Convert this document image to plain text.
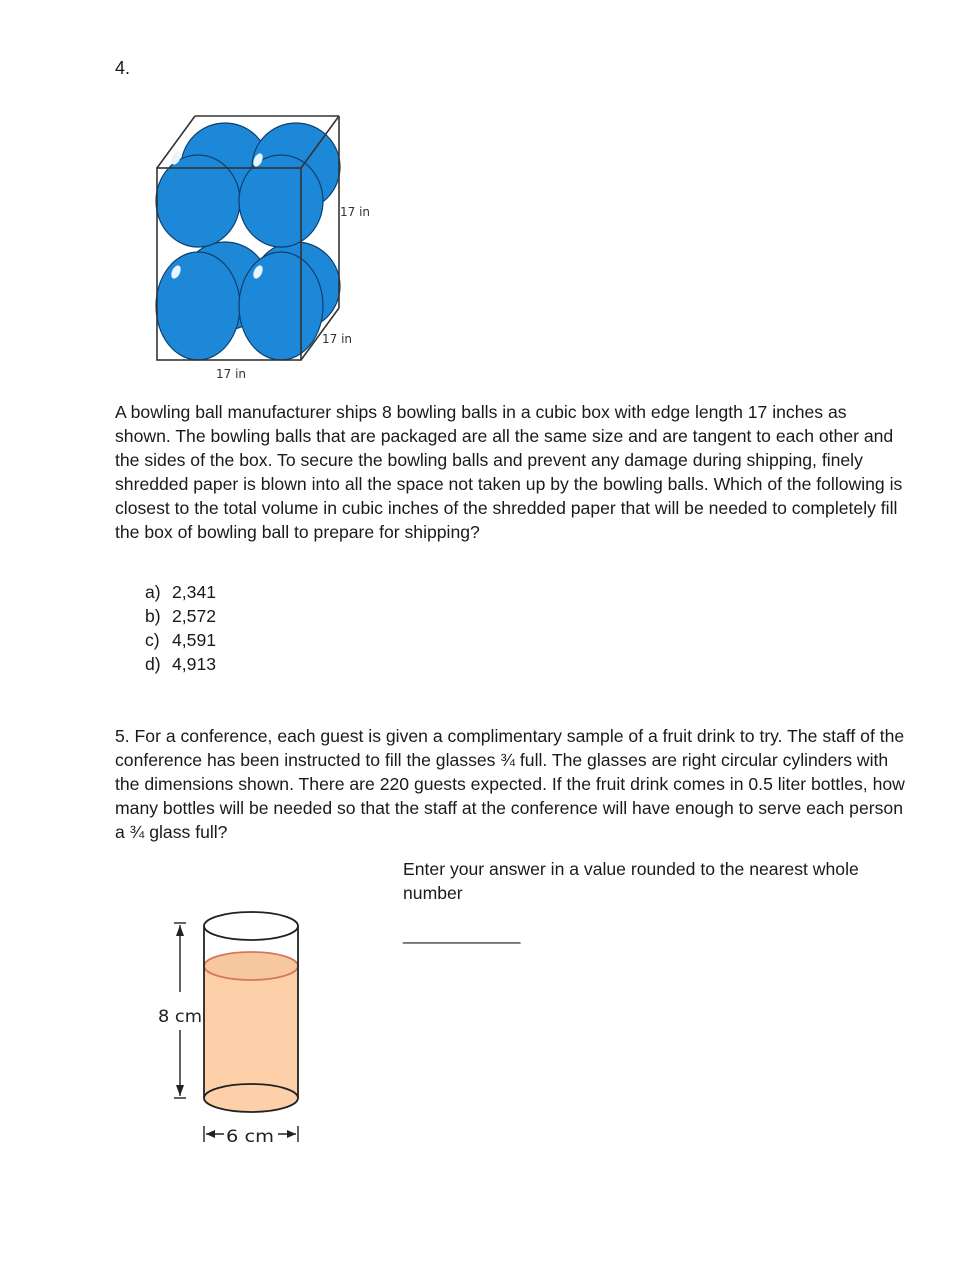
4.
17 in
17 in
17 in
A bowling ball manufacturer ships 8 bowling balls in a cubic box with edge length 17 inches as shown. The bowling balls that are packaged are all the same size and are tangent to each other and the sides of the box. To secure the bowling balls and prevent any damage during shipping, finely shredded paper is blown into all the space not taken up by the bowling balls. Which of the following is closest to the total volume in cubic inches of the shredded paper that will be needed to completely fill the box of bowling ball to prepare for shipping?
a) 2,341
b) 2,572
c) 4,591
d) 4,913
5. For a conference, each guest is given a complimentary sample of a fruit drink to try. The staff of the conference has been instructed to fill the glasses ¾ full. The glasses are right circular cylinders with the dimensions shown. There are 220 guests expected. If the fruit drink comes in 0.5 liter bottles, how many bottles will be needed so that the staff at the conference will have enough to serve each person a ¾ glass full?
Enter your answer in a value rounded to the nearest whole number
____________
8 cm
6 cm
